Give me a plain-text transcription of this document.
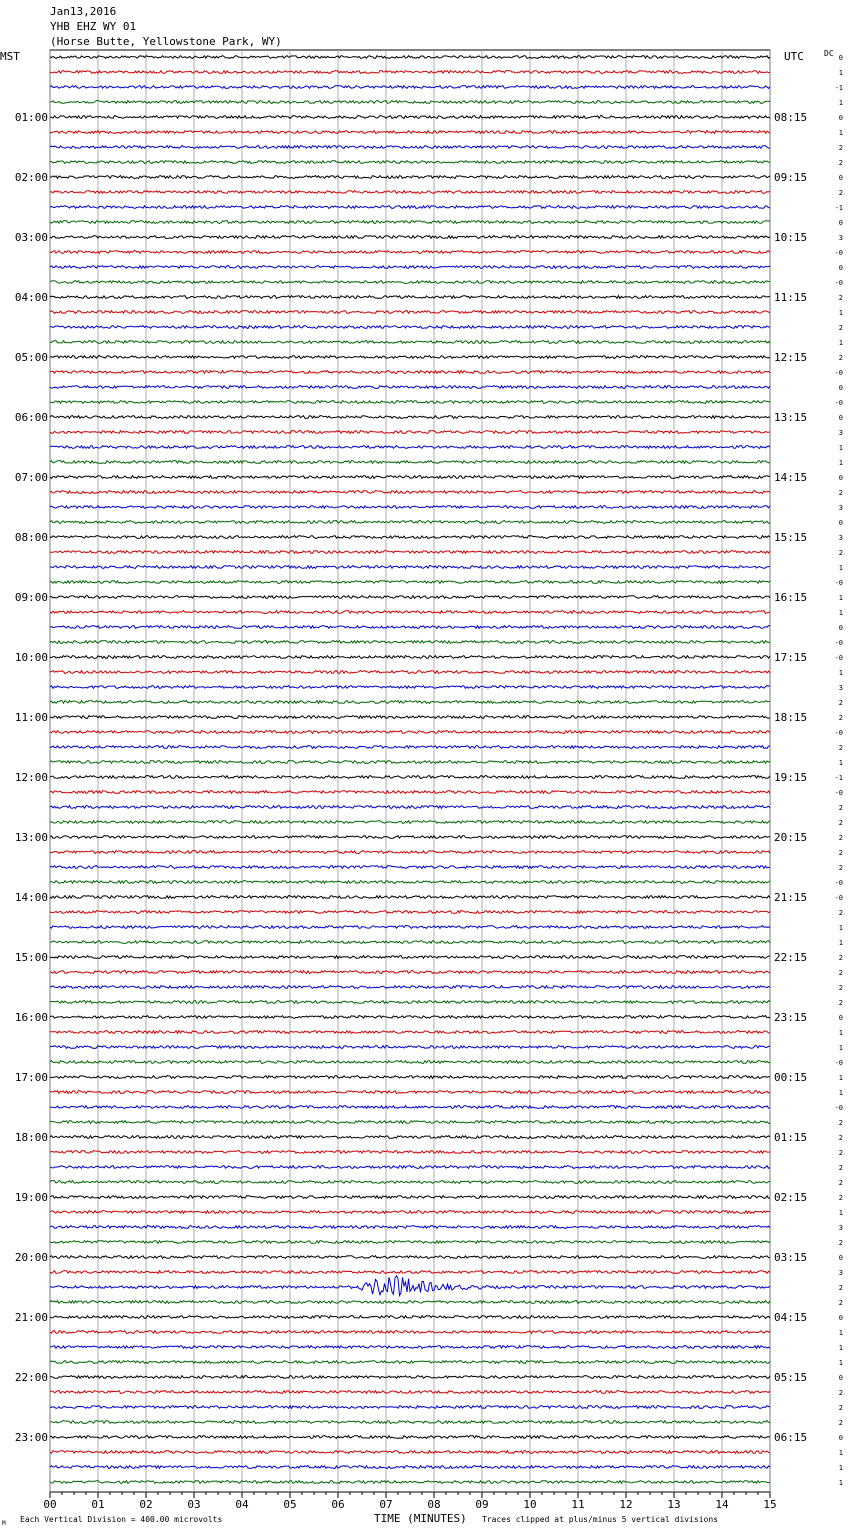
Jan13,2016
YHB EHZ WY 01
(Horse Butte, Yellowstone Park, WY)
MST	UTC	DC
00	01	02	03	04	05	06	07	08	09	10	11	12	13	14	15
0
1
-1
1
0
1
2
2
0
2
-1
0
3
-0
0
-0
2
1
2
1
2
-0
0
-0
0
3
1
1
0
2
3
0
3
2
1
-0
1
1
0
-0
-0
1
3
2
2
-0
2
1
-1
-0
2
2
2
2
2
-0
-0
2
1
1
2
2
2
2
0
1
1
-0
1
1
-0
2
2
2
2
2
2
1
3
2
0
3
2
2
0
1
1
1
0
2
2
2
0
1
1
1
01:00
02:00
03:00
04:00
05:00
06:00
07:00
08:00
09:00
10:00
11:00
12:00
13:00
14:00
15:00
16:00
17:00
18:00
19:00
20:00
21:00
22:00
23:00
08:15
09:15
10:15
11:15
12:15
13:15
14:15
15:15
16:15
17:15
18:15
19:15
20:15
21:15
22:15
23:15
00:15
01:15
02:15
03:15
04:15
05:15
06:15
TIME (MINUTES)
Each Vertical Division = 400.00 microvolts	Traces clipped at plus/minus 5 vertical divisions
M
